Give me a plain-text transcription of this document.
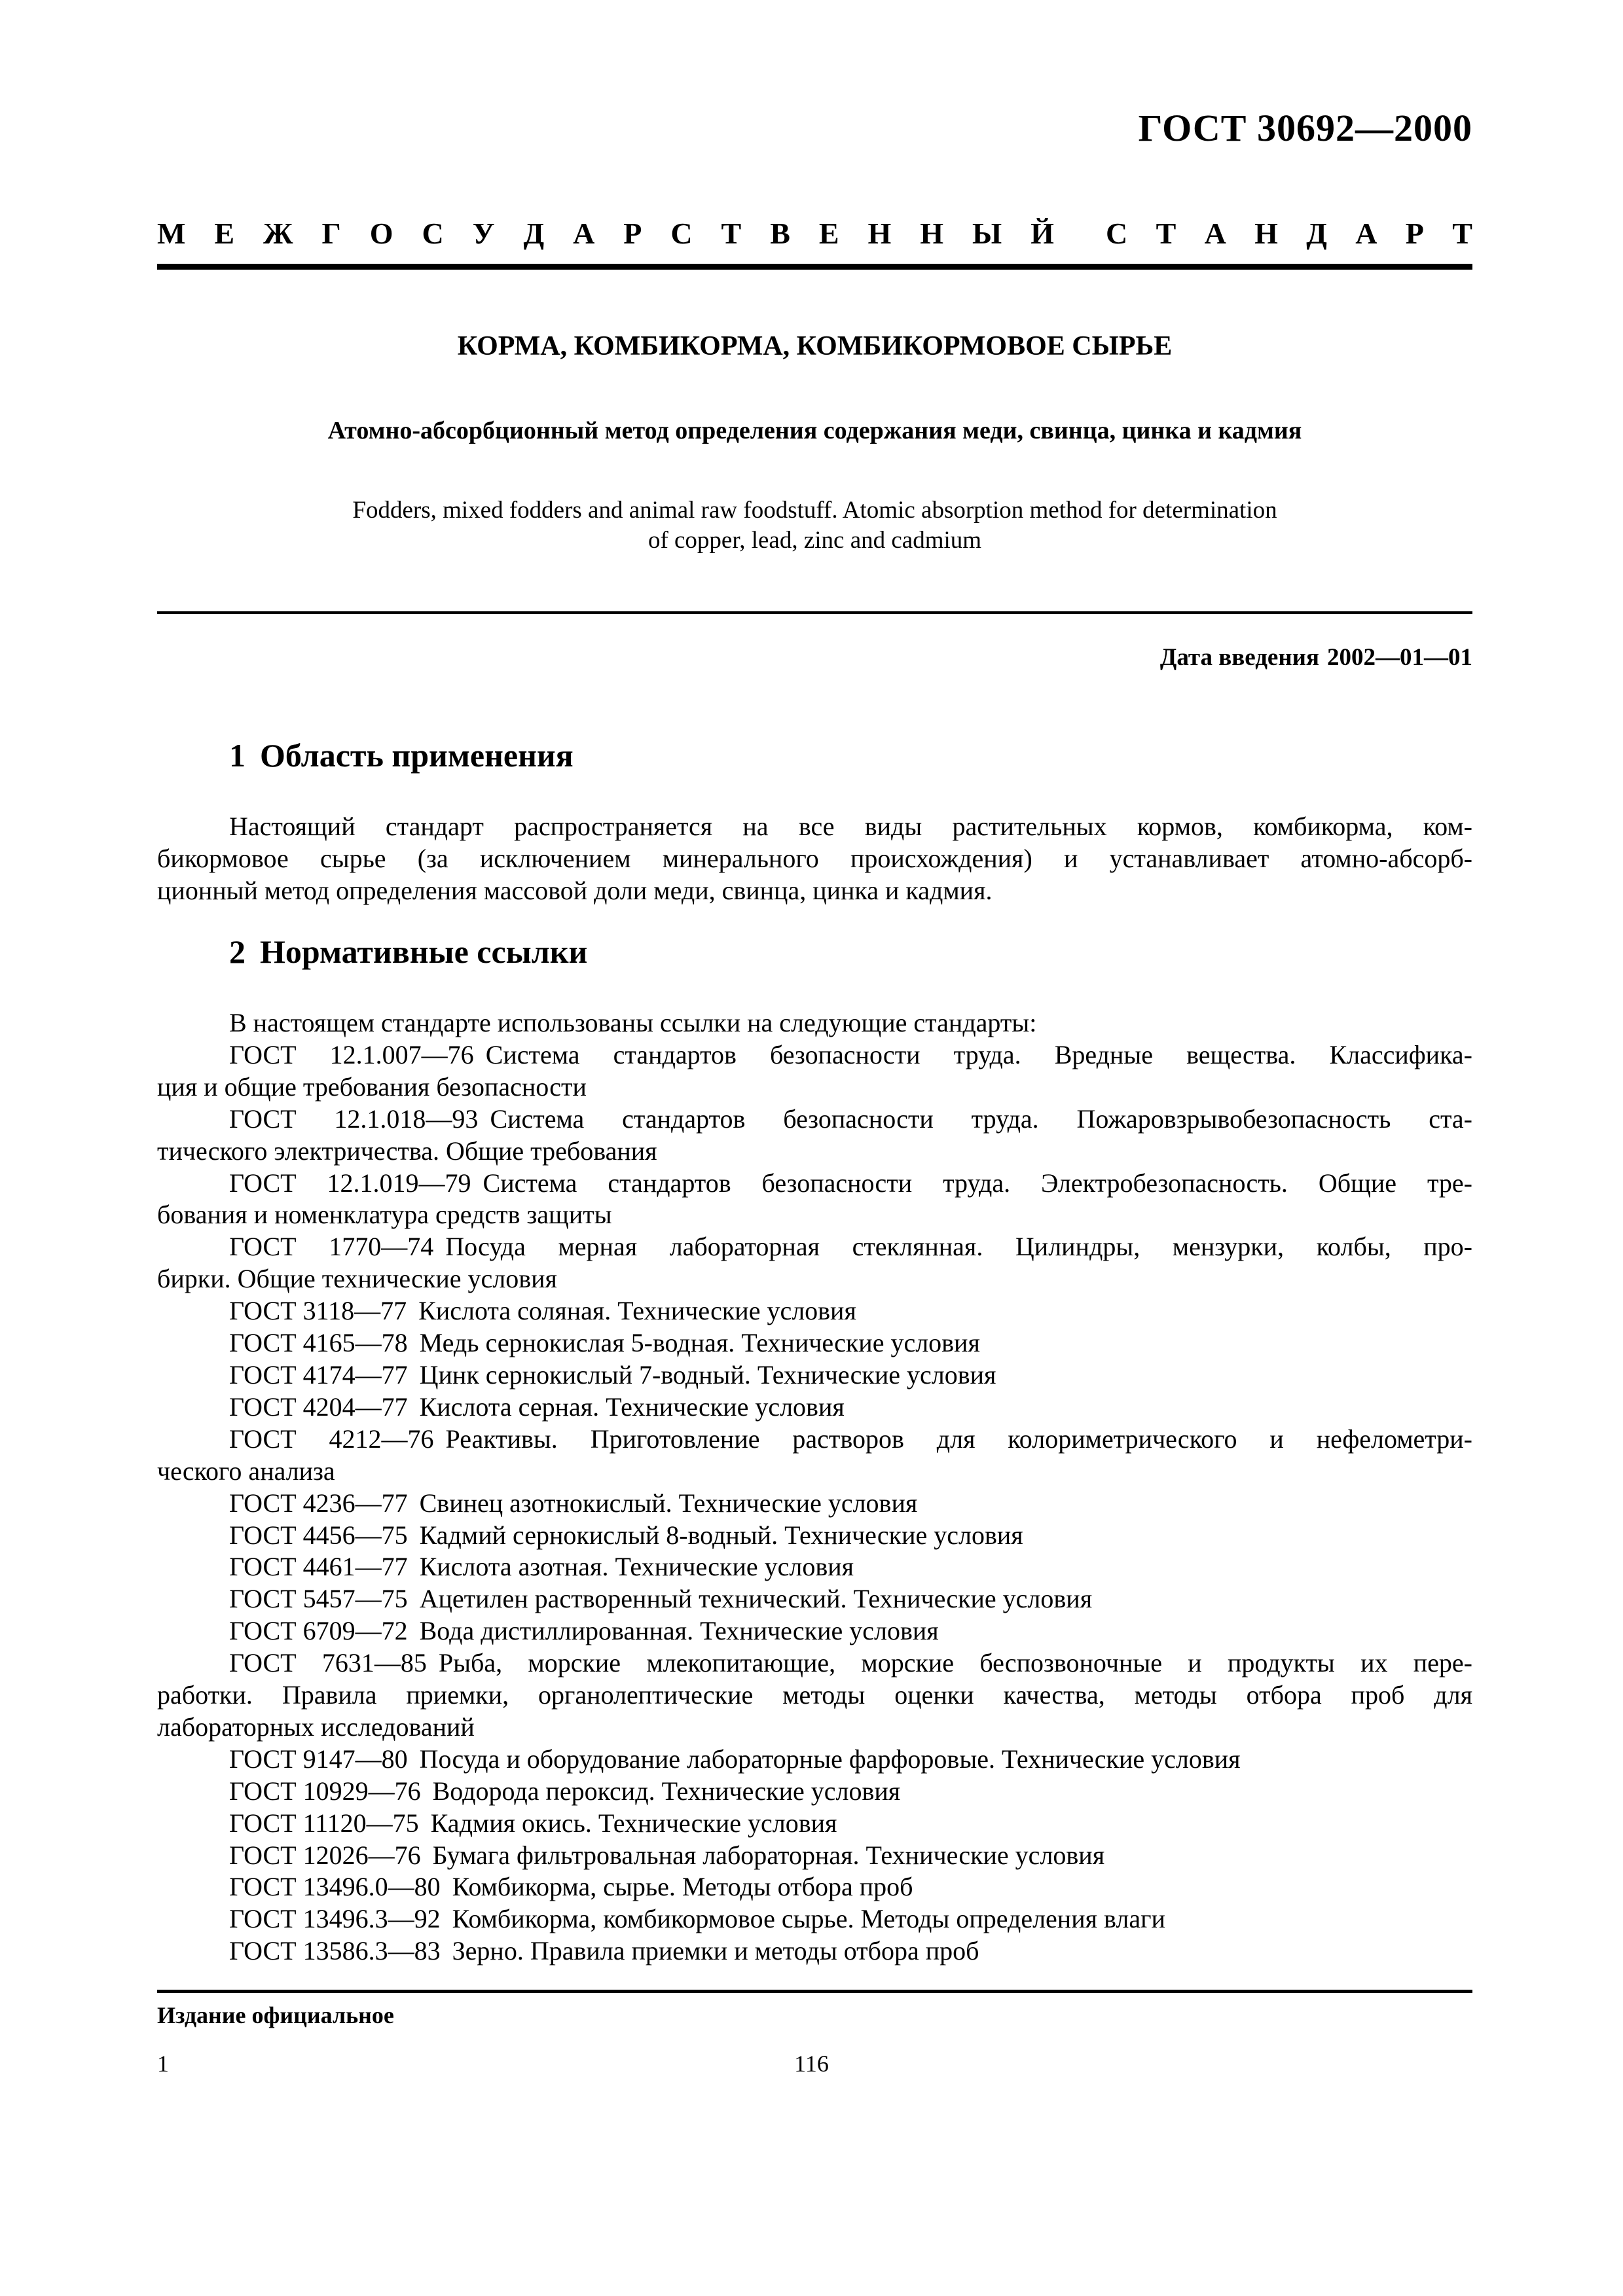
ГОСТ 30692—2000
М Е Ж Г О С У Д А Р С Т В Е Н Н Ы Й С Т А Н Д А Р Т
КОРМА, КОМБИКОРМА, КОМБИКОРМОВОЕ СЫРЬЕ
Атомно-абсорбционный метод определения содержания меди, свинца, цинка и кадмия
Fodders, mixed fodders and animal raw foodstuff. Atomic absorption method for determination
of copper, lead, zinc and cadmium
Дата введения 2002—01—01
1 Область применения
Настоящий стандарт распространяется на все виды растительных кормов, комбикорма, ком-
бикормовое сырье (за исключением минерального происхождения) и устанавливает атомно-абсорб-
ционный метод определения массовой доли меди, свинца, цинка и кадмия.
2 Нормативные ссылки
В настоящем стандарте использованы ссылки на следующие стандарты:
ГОСТ 12.1.007—76 Система стандартов безопасности труда. Вредные вещества. Классифика-
ция и общие требования безопасности
ГОСТ 12.1.018—93 Система стандартов безопасности труда. Пожаровзрывобезопасность ста-
тического электричества. Общие требования
ГОСТ 12.1.019—79 Система стандартов безопасности труда. Электробезопасность. Общие тре-
бования и номенклатура средств защиты
ГОСТ 1770—74 Посуда мерная лабораторная стеклянная. Цилиндры, мензурки, колбы, про-
бирки. Общие технические условия
ГОСТ 3118—77 Кислота соляная. Технические условия
ГОСТ 4165—78 Медь сернокислая 5-водная. Технические условия
ГОСТ 4174—77 Цинк сернокислый 7-водный. Технические условия
ГОСТ 4204—77 Кислота серная. Технические условия
ГОСТ 4212—76 Реактивы. Приготовление растворов для колориметрического и нефелометри-
ческого анализа
ГОСТ 4236—77 Свинец азотнокислый. Технические условия
ГОСТ 4456—75 Кадмий сернокислый 8-водный. Технические условия
ГОСТ 4461—77 Кислота азотная. Технические условия
ГОСТ 5457—75 Ацетилен растворенный технический. Технические условия
ГОСТ 6709—72 Вода дистиллированная. Технические условия
ГОСТ 7631—85 Рыба, морские млекопитающие, морские беспозвоночные и продукты их пере-
работки. Правила приемки, органолептические методы оценки качества, методы отбора проб для
лабораторных исследований
ГОСТ 9147—80 Посуда и оборудование лабораторные фарфоровые. Технические условия
ГОСТ 10929—76 Водорода пероксид. Технические условия
ГОСТ 11120—75 Кадмия окись. Технические условия
ГОСТ 12026—76 Бумага фильтровальная лабораторная. Технические условия
ГОСТ 13496.0—80 Комбикорма, сырье. Методы отбора проб
ГОСТ 13496.3—92 Комбикорма, комбикормовое сырье. Методы определения влаги
ГОСТ 13586.3—83 Зерно. Правила приемки и методы отбора проб
Издание официальное
1	116
